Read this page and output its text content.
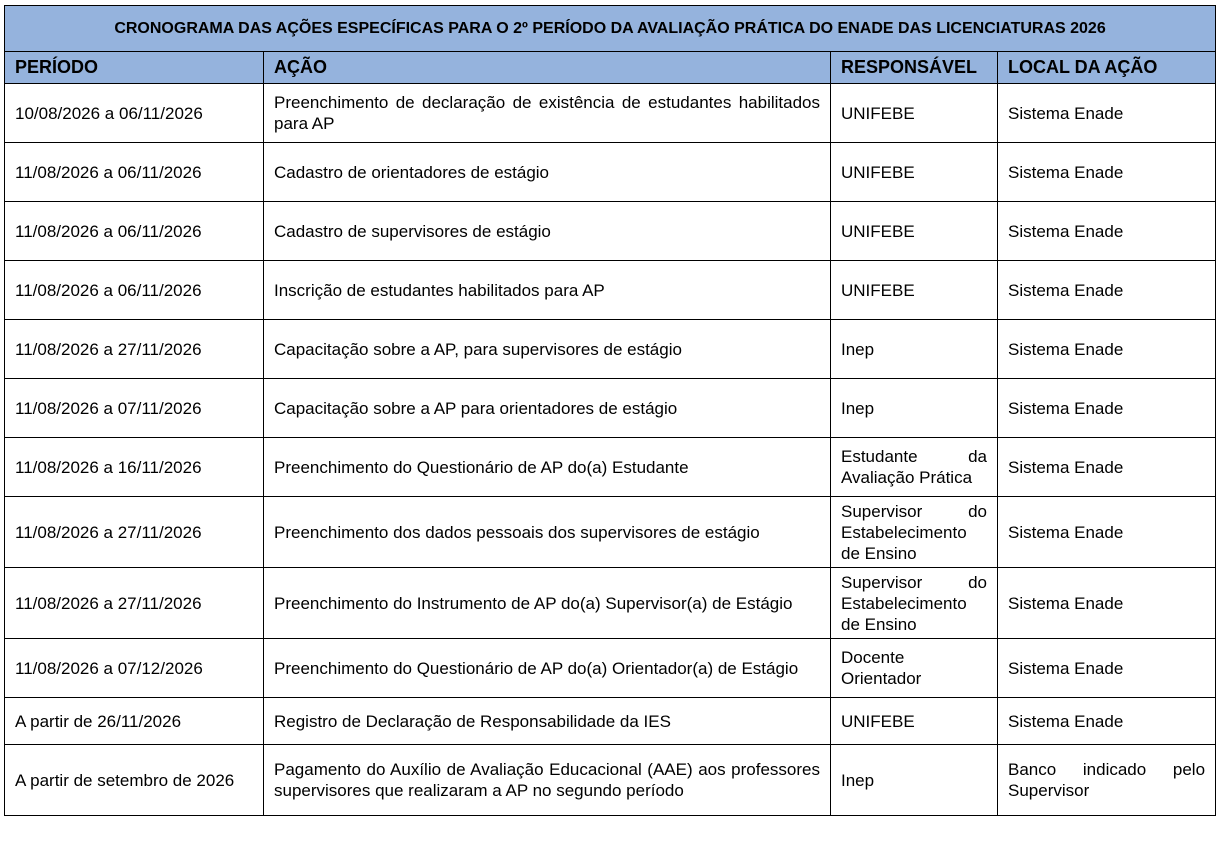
CRONOGRAMA DAS AÇÕES ESPECÍFICAS PARA O 2º PERÍODO DA AVALIAÇÃO PRÁTICA DO ENADE DAS LICENCIATURAS 2026			
PERÍODO	AÇÃO	RESPONSÁVEL	LOCAL DA AÇÃO
10/08/2026 a 06/11/2026	Preenchimento de declaração de existência de estudantes habilitados para AP	UNIFEBE	Sistema Enade
11/08/2026 a 06/11/2026	Cadastro de orientadores de estágio	UNIFEBE	Sistema Enade
11/08/2026 a 06/11/2026	Cadastro de supervisores de estágio	UNIFEBE	Sistema Enade
11/08/2026 a 06/11/2026	Inscrição de estudantes habilitados para AP	UNIFEBE	Sistema Enade
11/08/2026 a 27/11/2026	Capacitação sobre a AP, para supervisores de estágio	Inep	Sistema Enade
11/08/2026 a 07/11/2026	Capacitação sobre a AP para orientadores de estágio	Inep	Sistema Enade
11/08/2026 a 16/11/2026	Preenchimento do Questionário de AP do(a) Estudante	Estudante da Avaliação Prática	Sistema Enade
11/08/2026 a 27/11/2026	Preenchimento dos dados pessoais dos supervisores de estágio	Supervisor do Estabelecimento de Ensino	Sistema Enade
11/08/2026 a 27/11/2026	Preenchimento do Instrumento de AP do(a) Supervisor(a) de Estágio	Supervisor do Estabelecimento de Ensino	Sistema Enade
11/08/2026 a 07/12/2026	Preenchimento do Questionário de AP do(a) Orientador(a) de Estágio	Docente Orientador	Sistema Enade
A partir de 26/11/2026	Registro de Declaração de Responsabilidade da IES	UNIFEBE	Sistema Enade
A partir de setembro de 2026	Pagamento do Auxílio de Avaliação Educacional (AAE) aos professores supervisores que realizaram a AP no segundo período	Inep	Banco indicado pelo Supervisor
